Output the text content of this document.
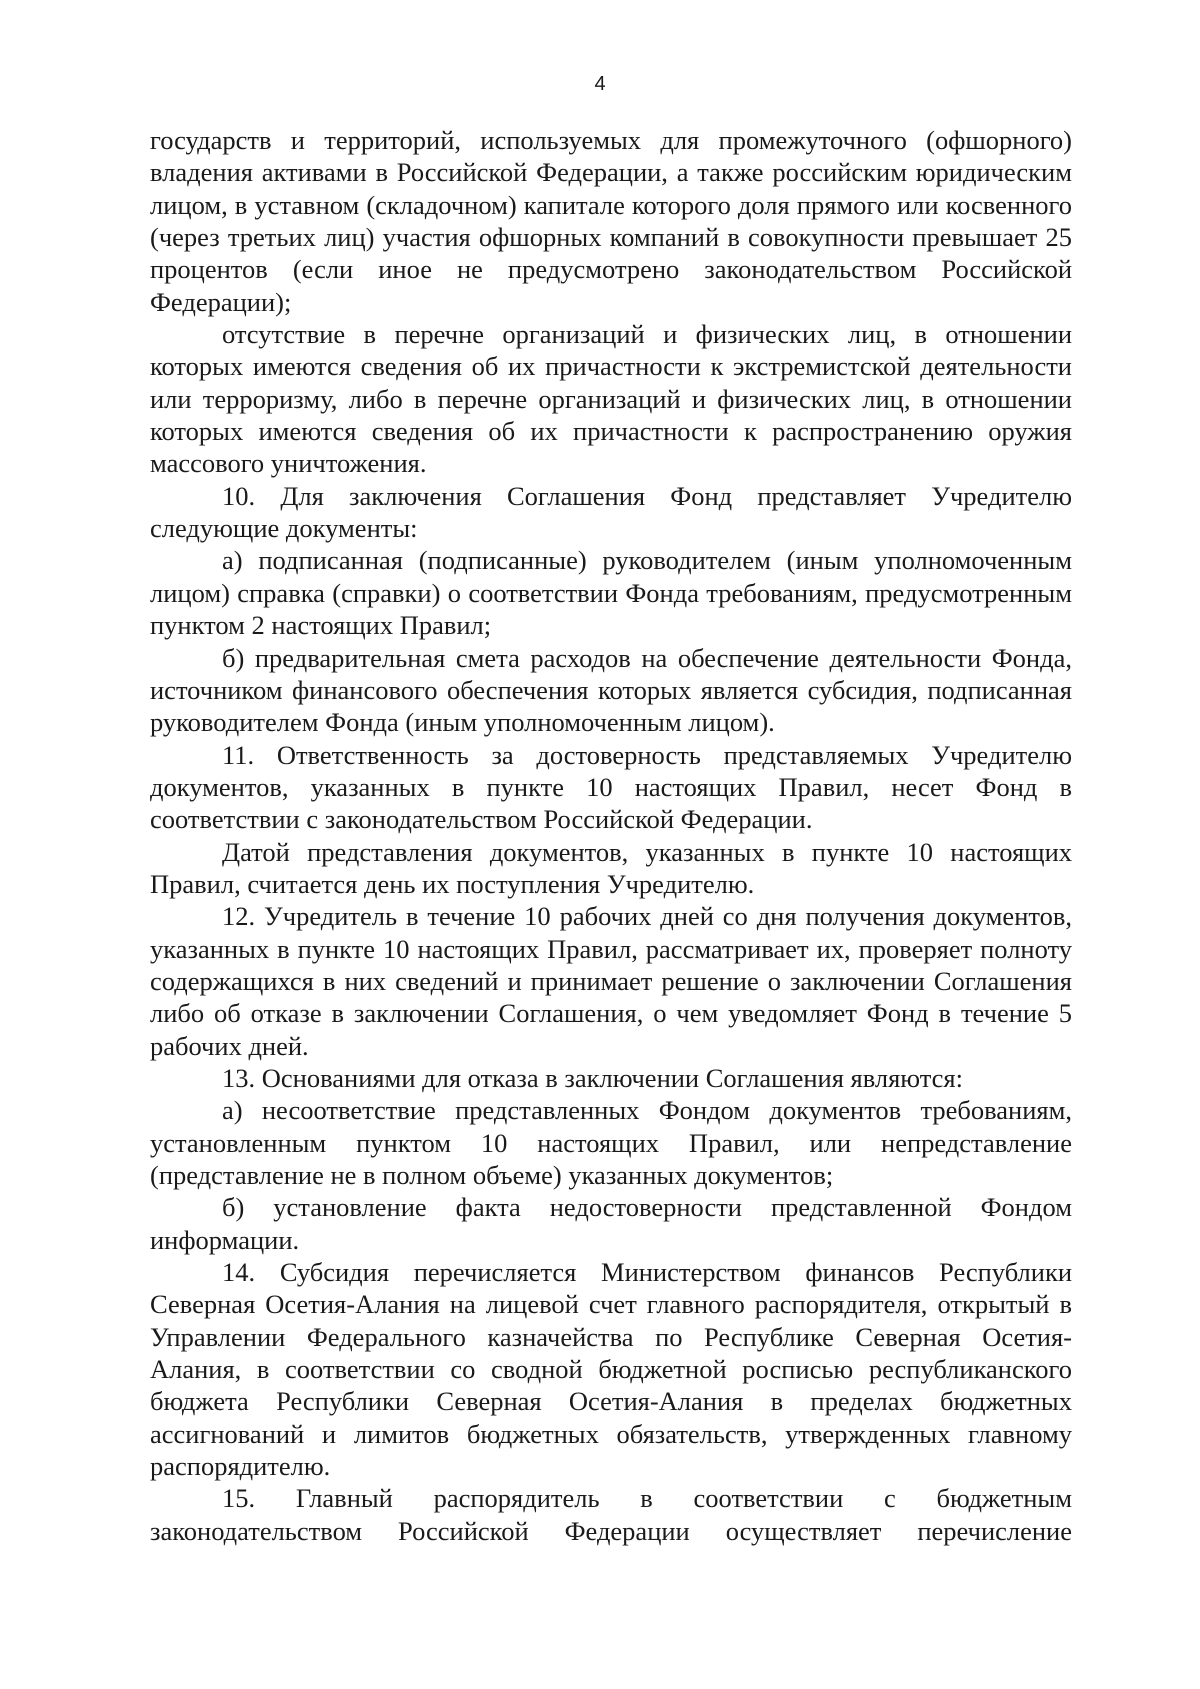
4

государств и территорий, используемых для промежуточного (офшорного) владения активами в Российской Федерации, а также российским юридическим лицом, в уставном (складочном) капитале которого доля прямого или косвенного (через третьих лиц) участия офшорных компаний в совокупности превышает 25 процентов (если иное не предусмотрено законодательством Российской Федерации);

отсутствие в перечне организаций и физических лиц, в отношении которых имеются сведения об их причастности к экстремистской деятельности или терроризму, либо в перечне организаций и физических лиц, в отношении которых имеются сведения об их причастности к распространению оружия массового уничтожения.

10. Для заключения Соглашения Фонд представляет Учредителю следующие документы:

а) подписанная (подписанные) руководителем (иным уполномоченным лицом) справка (справки) о соответствии Фонда требованиям, предусмотренным пунктом 2 настоящих Правил;

б) предварительная смета расходов на обеспечение деятельности Фонда, источником финансового обеспечения которых является субсидия, подписанная руководителем Фонда (иным уполномоченным лицом).

11. Ответственность за достоверность представляемых Учредителю документов, указанных в пункте 10 настоящих Правил, несет Фонд в соответствии с законодательством Российской Федерации.

Датой представления документов, указанных в пункте 10 настоящих Правил, считается день их поступления Учредителю.

12. Учредитель в течение 10 рабочих дней со дня получения документов, указанных в пункте 10 настоящих Правил, рассматривает их, проверяет полноту содержащихся в них сведений и принимает решение о заключении Соглашения либо об отказе в заключении Соглашения, о чем уведомляет Фонд в течение 5 рабочих дней.

13. Основаниями для отказа в заключении Соглашения являются:

а) несоответствие представленных Фондом документов требованиям, установленным пунктом 10 настоящих Правил, или непредставление (представление не в полном объеме) указанных документов;

б) установление факта недостоверности представленной Фондом информации.

14. Субсидия перечисляется Министерством финансов Республики Северная Осетия-Алания на лицевой счет главного распорядителя, открытый в Управлении Федерального казначейства по Республике Северная Осетия-Алания, в соответствии со сводной бюджетной росписью республиканского бюджета Республики Северная Осетия-Алания в пределах бюджетных ассигнований и лимитов бюджетных обязательств, утвержденных главному распорядителю.

15. Главный распорядитель в соответствии с бюджетным законодательством Российской Федерации осуществляет перечисление
